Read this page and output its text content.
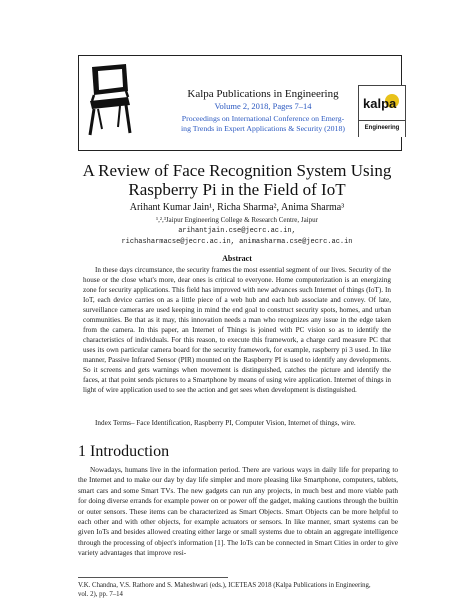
Kalpa Publications in Engineering
Volume 2, 2018, Pages 7–14
Proceedings on International Conference on Emerg-
ing Trends in Expert Applications & Security (2018)
kalpa
Engineering
A Review of Face Recognition System Using
Raspberry Pi in the Field of IoT
Arihant Kumar Jain¹, Richa Sharma², Anima Sharma³
¹,²,³Jaipur Engineering College & Research Centre, Jaipur
arihantjain.cse@jecrc.ac.in,
richasharmacse@jecrc.ac.in, animasharma.cse@jecrc.ac.in
Abstract

In these days circumstance, the security frames the most essential segment of our lives. Security of the house or the close what's more, dear ones is critical to everyone. Home computerization is an energizing zone for security applications. This field has improved with new advances such Internet of things (IoT). In IoT, each device carries on as a little piece of a web hub and each hub associate and convey. Of late, surveillance cameras are used keeping in mind the end goal to construct security spots, homes, and urban communities. Be that as it may, this innovation needs a man who recognizes any issue in the edge taken from the camera. In this paper, an Internet of Things is joined with PC vision so as to identify the characteristics of individuals. For this reason, to execute this framework, a charge card measure PC that uses its own particular camera board for the security framework, for example, raspberry pi 3 used. In like manner, Passive Infrared Sensor (PIR) mounted on the Raspberry PI is used to identify any developments. So it screens and gets warnings when movement is distinguished, catches the picture and identify the faces, at that point sends pictures to a Smartphone by means of using wire application. Internet of things in light of wire application used to see the action and get sees when development is distinguished.

Index Terms– Face Identification, Raspberry PI, Computer Vision, Internet of things, wire.
1 Introduction

Nowadays, humans live in the information period. There are various ways in daily life for preparing to the Internet and to make our day by day life simpler and more pleasing like Smartphone, computers, tablets, smart cars and some Smart TVs. The new gadgets can run any projects, in much best and more viable path for doing diverse errands for example power on or power off the gadget, making cautions through the builtin or outer sensors. These items can be characterized as Smart Objects. Smart Objects can be more helpful to each other and with other objects, for example actuators or sensors. In like manner, smart systems can be given IoTs and besides allowed creating either large or small systems due to obtain an aggregate intelligence through the processing of object's information [1]. The IoTs can be connected in Smart Cities in order to give variety advantages that improve resi-

V.K. Chandna, V.S. Rathore and S. Maheshwari (eds.), ICETEAS 2018 (Kalpa Publications in Engineering,
vol. 2), pp. 7–14
